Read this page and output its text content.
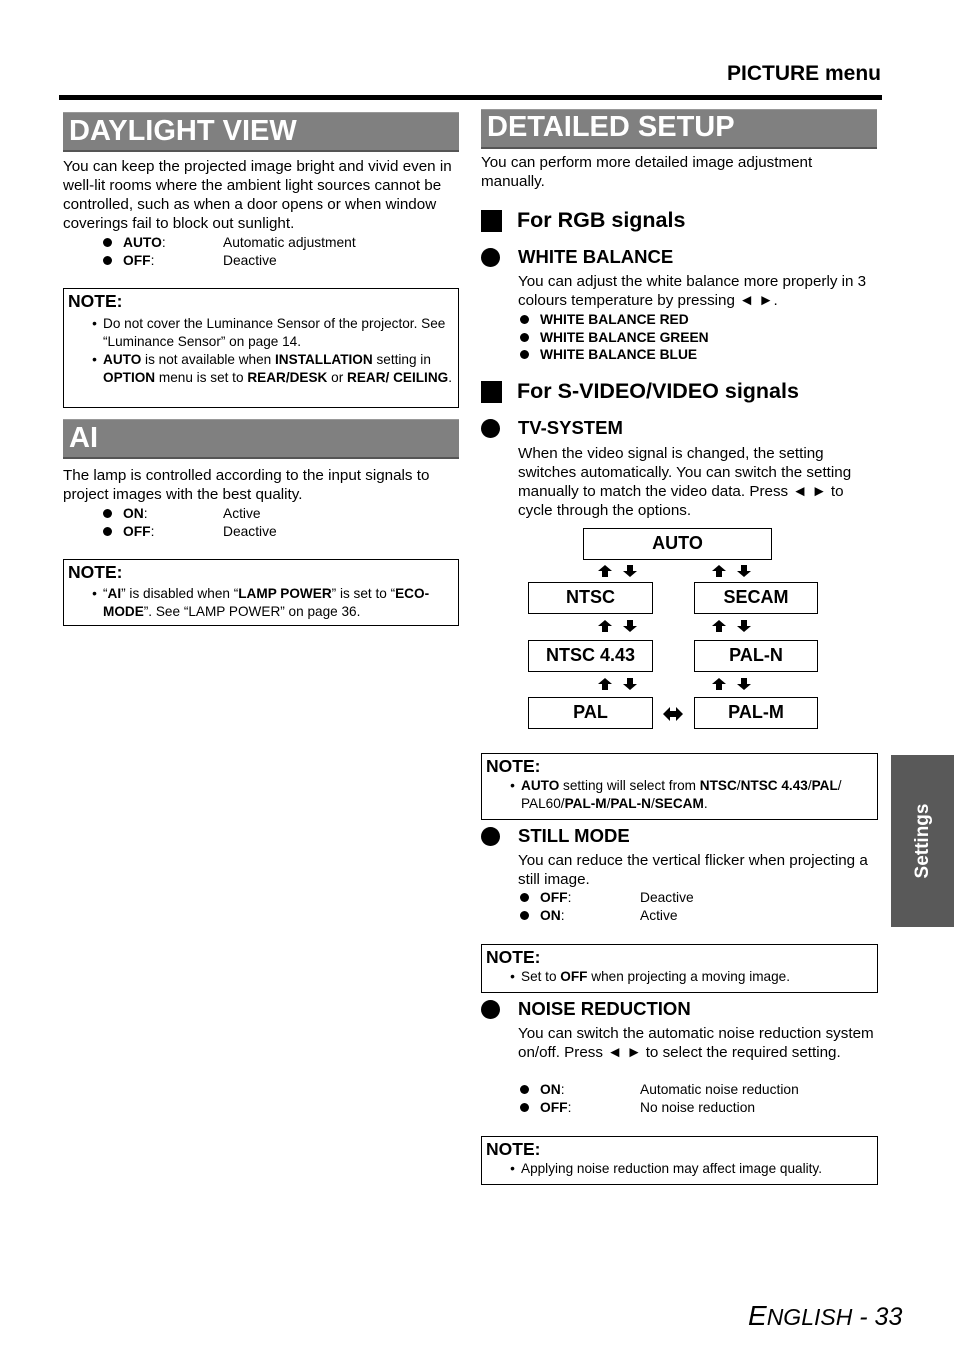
PICTURE menu
DAYLIGHT VIEW
You can keep the projected image bright and vivid even in well-lit rooms where the ambient light sources cannot be controlled, such as when a door opens or when window coverings fail to block out sunlight.
AUTO:	Automatic adjustment
OFF:	Deactive
NOTE:
• Do not cover the Luminance Sensor of the projector. See “Luminance Sensor” on page 14.
• AUTO is not available when INSTALLATION setting in OPTION menu is set to REAR/DESK or REAR/ CEILING.
AI
The lamp is controlled according to the input signals to project images with the best quality.
ON:	Active
OFF:	Deactive
NOTE:
• “AI” is disabled when “LAMP POWER” is set to “ECO- MODE”. See “LAMP POWER” on page 36.
DETAILED SETUP
You can perform more detailed image adjustment manually.
For RGB signals
WHITE BALANCE
You can adjust the white balance more properly in 3 colours temperature by pressing ◄ ►.
WHITE BALANCE RED
WHITE BALANCE GREEN
WHITE BALANCE BLUE
For S-VIDEO/VIDEO signals
TV-SYSTEM
When the video signal is changed, the setting switches automatically. You can switch the setting manually to match the video data. Press ◄ ► to cycle through the options.
AUTO
NTSC	SECAM
NTSC 4.43	PAL-N
PAL	PAL-M
NOTE:
• AUTO setting will select from NTSC/NTSC 4.43/PAL/ PAL60/PAL-M/PAL-N/SECAM.
STILL MODE
You can reduce the vertical flicker when projecting a still image.
OFF:	Deactive
ON:	Active
NOTE:
• Set to OFF when projecting a moving image.
NOISE REDUCTION
You can switch the automatic noise reduction system on/off. Press ◄ ► to select the required setting.
ON:	Automatic noise reduction
OFF:	No noise reduction
NOTE:
• Applying noise reduction may affect image quality.
Settings
ENGLISH - 33
